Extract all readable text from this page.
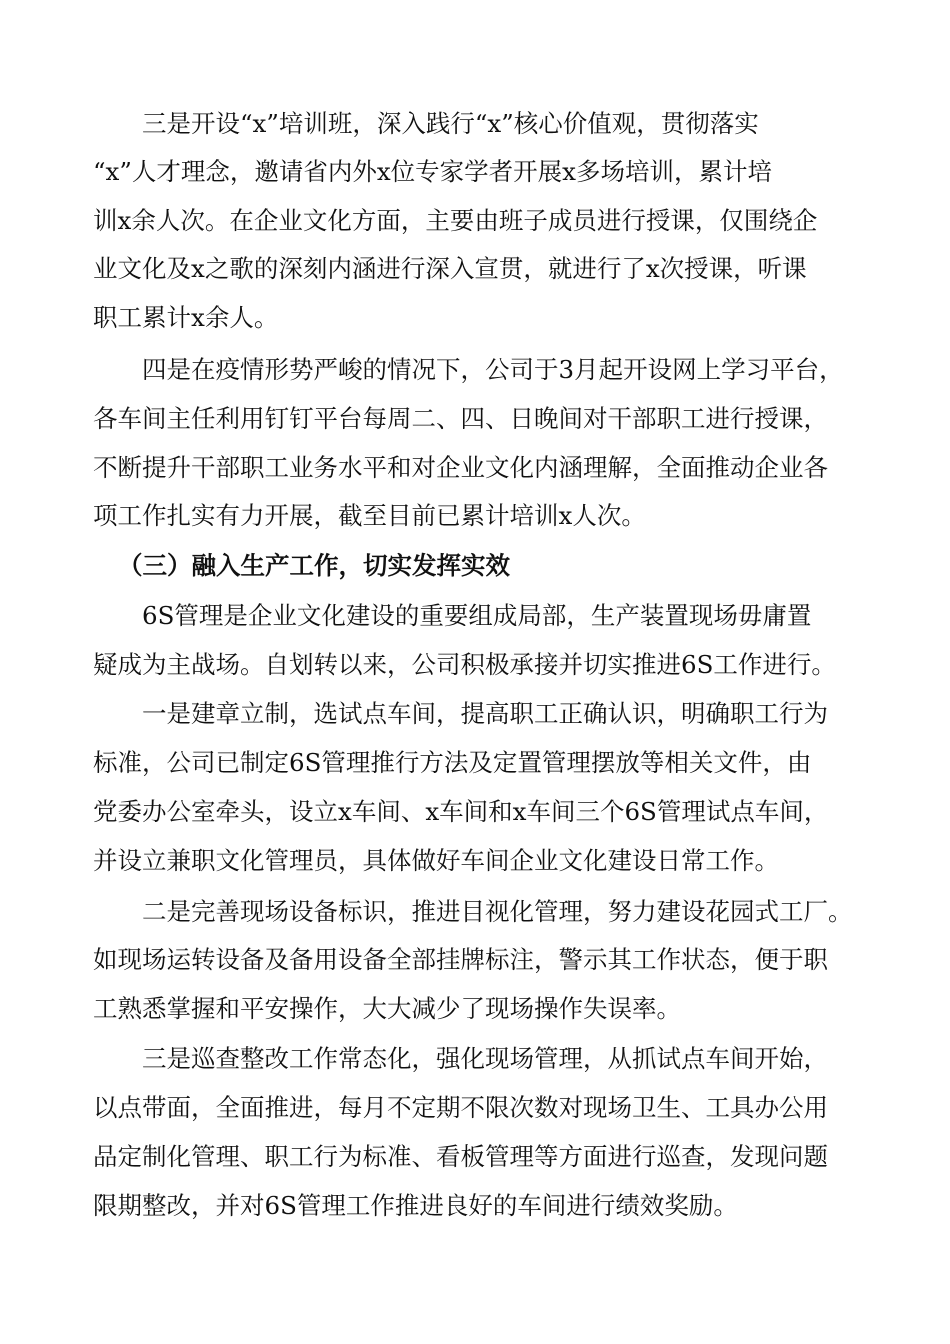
三是开设“x”培训班，深入践行“x”核心价值观，贯彻落实

“x”人才理念，邀请省内外x位专家学者开展x多场培训，累计培

训x余人次。在企业文化方面，主要由班子成员进行授课，仅围绕企

业文化及x之歌的深刻内涵进行深入宣贯，就进行了x次授课，听课

职工累计x余人。

四是在疫情形势严峻的情况下，公司于3月起开设网上学习平台，

各车间主任利用钉钉平台每周二、四、日晚间对干部职工进行授课，

不断提升干部职工业务水平和对企业文化内涵理解，全面推动企业各

项工作扎实有力开展，截至目前已累计培训x人次。

（三）融入生产工作，切实发挥实效

6S管理是企业文化建设的重要组成局部，生产装置现场毋庸置

疑成为主战场。自划转以来，公司积极承接并切实推进6S工作进行。

一是建章立制，选试点车间，提高职工正确认识，明确职工行为

标准，公司已制定6S管理推行方法及定置管理摆放等相关文件，由

党委办公室牵头，设立x车间、x车间和x车间三个6S管理试点车间，

并设立兼职文化管理员，具体做好车间企业文化建设日常工作。

二是完善现场设备标识，推进目视化管理，努力建设花园式工厂。

如现场运转设备及备用设备全部挂牌标注，警示其工作状态，便于职

工熟悉掌握和平安操作，大大减少了现场操作失误率。

三是巡查整改工作常态化，强化现场管理，从抓试点车间开始，

以点带面，全面推进，每月不定期不限次数对现场卫生、工具办公用

品定制化管理、职工行为标准、看板管理等方面进行巡查，发现问题

限期整改，并对6S管理工作推进良好的车间进行绩效奖励。
